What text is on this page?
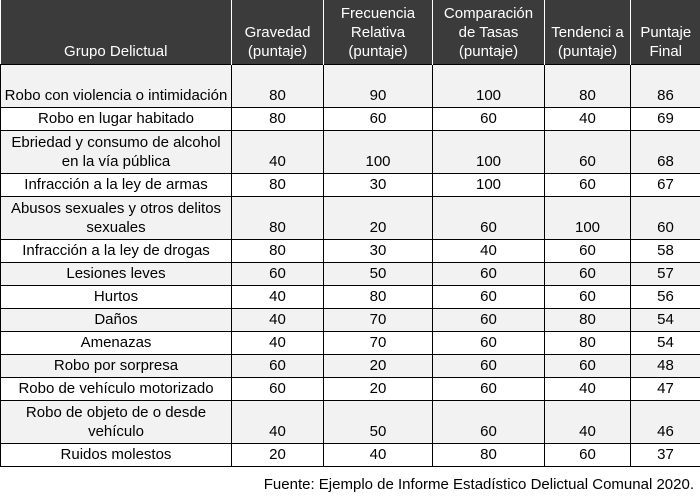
Grupo Delictual	Gravedad (puntaje)	Frecuencia Relativa (puntaje)	Comparación de Tasas (puntaje)	Tendenci a (puntaje)	Puntaje Final
Robo con violencia o intimidación	80	90	100	80	86
Robo en lugar habitado	80	60	60	40	69
Ebriedad y consumo de alcohol en la vía pública	40	100	100	60	68
Infracción a la ley de armas	80	30	100	60	67
Abusos sexuales y otros delitos sexuales	80	20	60	100	60
Infracción a la ley de drogas	80	30	40	60	58
Lesiones leves	60	50	60	60	57
Hurtos	40	80	60	60	56
Daños	40	70	60	80	54
Amenazas	40	70	60	80	54
Robo por sorpresa	60	20	60	60	48
Robo de vehículo motorizado	60	20	60	40	47
Robo de objeto de o desde vehículo	40	50	60	40	46
Ruidos molestos	20	40	80	60	37
Fuente: Ejemplo de Informe Estadístico Delictual Comunal 2020.
